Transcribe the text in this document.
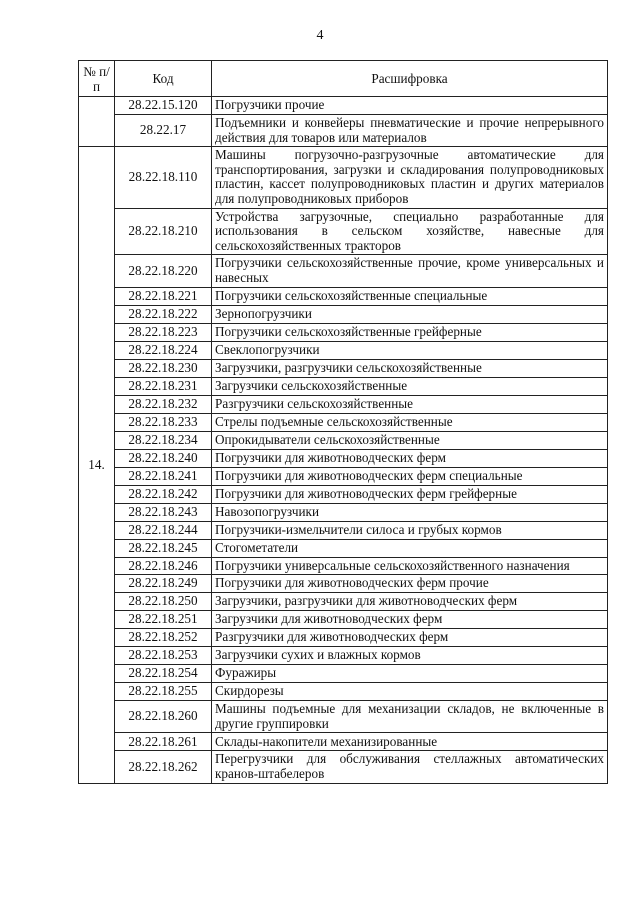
4
№ п/п	Код	Расшифровка
	28.22.15.120	Погрузчики прочие
	28.22.17	Подъемники и конвейеры пневматические и прочие непрерывного действия для товаров или материалов
14.	28.22.18.110	Машины погрузочно-разгрузочные автоматические для транспортирования, загрузки и складирования полупроводниковых пластин, кассет полупроводниковых пластин и других материалов для полупроводниковых приборов
	28.22.18.210	Устройства загрузочные, специально разработанные для использования в сельском хозяйстве, навесные для сельскохозяйственных тракторов
	28.22.18.220	Погрузчики сельскохозяйственные прочие, кроме универсальных и навесных
	28.22.18.221	Погрузчики сельскохозяйственные специальные
	28.22.18.222	Зернопогрузчики
	28.22.18.223	Погрузчики сельскохозяйственные грейферные
	28.22.18.224	Свеклопогрузчики
	28.22.18.230	Загрузчики, разгрузчики сельскохозяйственные
	28.22.18.231	Загрузчики сельскохозяйственные
	28.22.18.232	Разгрузчики сельскохозяйственные
	28.22.18.233	Стрелы подъемные сельскохозяйственные
	28.22.18.234	Опрокидыватели сельскохозяйственные
	28.22.18.240	Погрузчики для животноводческих ферм
	28.22.18.241	Погрузчики для животноводческих ферм специальные
	28.22.18.242	Погрузчики для животноводческих ферм грейферные
	28.22.18.243	Навозопогрузчики
	28.22.18.244	Погрузчики-измельчители силоса и грубых кормов
	28.22.18.245	Стогометатели
	28.22.18.246	Погрузчики универсальные сельскохозяйственного назначения
	28.22.18.249	Погрузчики для животноводческих ферм прочие
	28.22.18.250	Загрузчики, разгрузчики для животноводческих ферм
	28.22.18.251	Загрузчики для животноводческих ферм
	28.22.18.252	Разгрузчики для животноводческих ферм
	28.22.18.253	Загрузчики сухих и влажных кормов
	28.22.18.254	Фуражиры
	28.22.18.255	Скирдорезы
	28.22.18.260	Машины подъемные для механизации складов, не включенные в другие группировки
	28.22.18.261	Склады-накопители механизированные
	28.22.18.262	Перегрузчики для обслуживания стеллажных автоматических кранов-штабелеров
